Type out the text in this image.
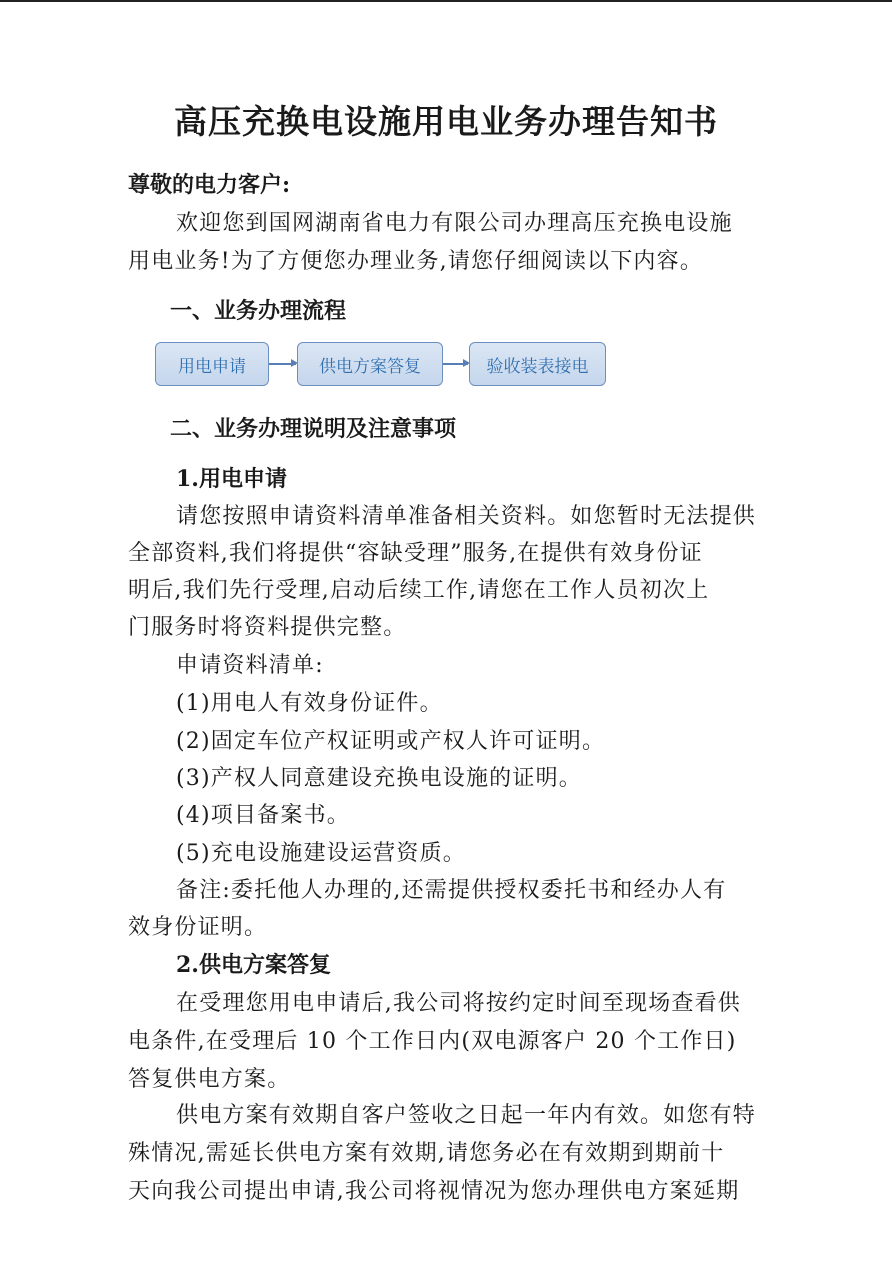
高压充换电设施用电业务办理告知书
尊敬的电力客户:
欢迎您到国网湖南省电力有限公司办理高压充换电设施
用电业务!为了方便您办理业务,请您仔细阅读以下内容。
一、业务办理流程
用电申请	供电方案答复	验收装表接电
二、业务办理说明及注意事项
1.用电申请
请您按照申请资料清单准备相关资料。如您暂时无法提供
全部资料,我们将提供“容缺受理”服务,在提供有效身份证
明后,我们先行受理,启动后续工作,请您在工作人员初次上
门服务时将资料提供完整。
申请资料清单:
(1)用电人有效身份证件。
(2)固定车位产权证明或产权人许可证明。
(3)产权人同意建设充换电设施的证明。
(4)项目备案书。
(5)充电设施建设运营资质。
备注:委托他人办理的,还需提供授权委托书和经办人有
效身份证明。
2.供电方案答复
在受理您用电申请后,我公司将按约定时间至现场查看供
电条件,在受理后 10 个工作日内(双电源客户 20 个工作日)
答复供电方案。
供电方案有效期自客户签收之日起一年内有效。如您有特
殊情况,需延长供电方案有效期,请您务必在有效期到期前十
天向我公司提出申请,我公司将视情况为您办理供电方案延期
